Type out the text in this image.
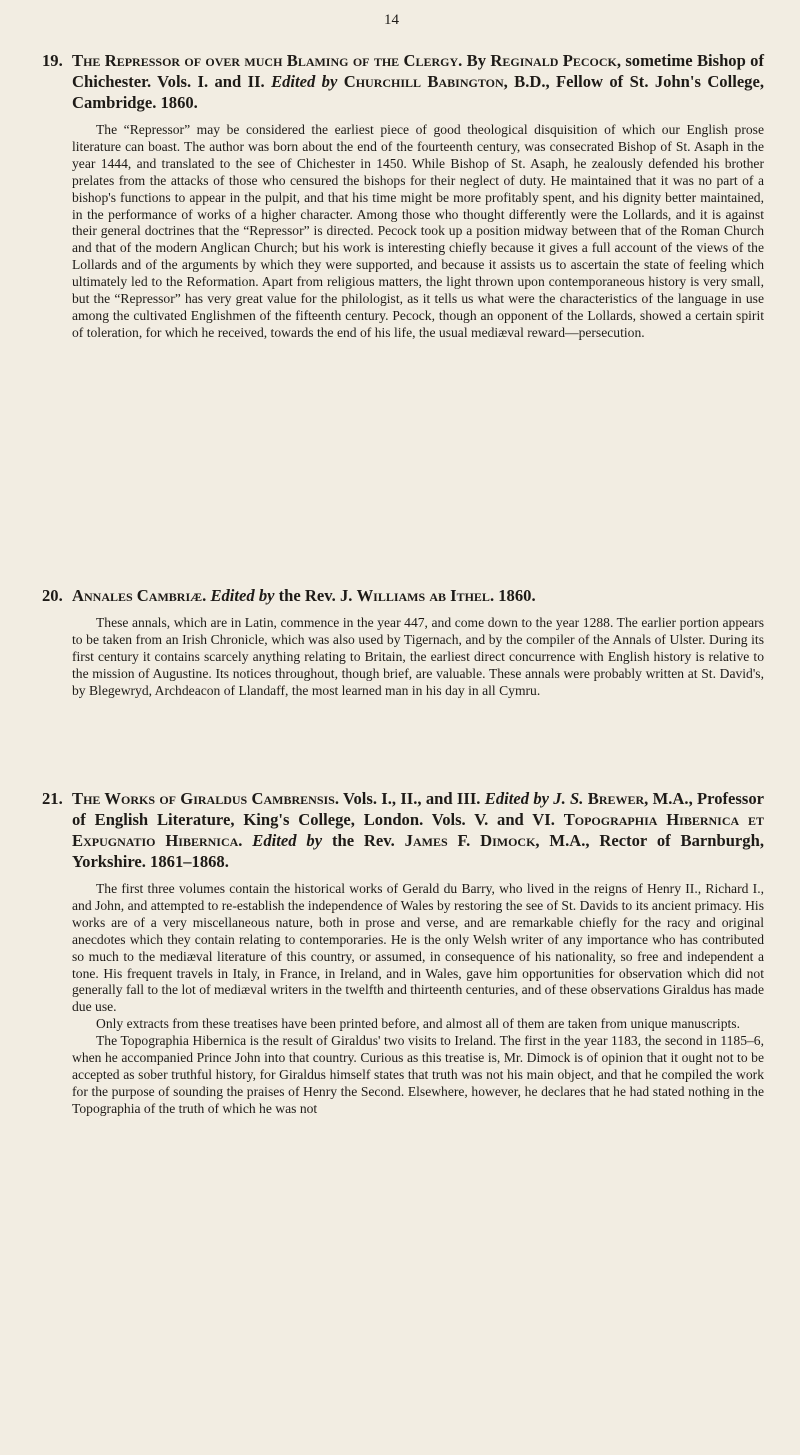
14
19. The Repressor of over much Blaming of the Clergy. By Reginald Pecock, sometime Bishop of Chichester. Vols. I. and II. Edited by Churchill Babington, B.D., Fellow of St. John's College, Cambridge. 1860.

The “Repressor” may be considered the earliest piece of good theological disquisition of which our English prose literature can boast. The author was born about the end of the fourteenth century, was consecrated Bishop of St. Asaph in the year 1444, and translated to the see of Chichester in 1450. While Bishop of St. Asaph, he zealously defended his brother prelates from the attacks of those who censured the bishops for their neglect of duty. He maintained that it was no part of a bishop's functions to appear in the pulpit, and that his time might be more profitably spent, and his dignity better maintained, in the performance of works of a higher character. Among those who thought differently were the Lollards, and it is against their general doctrines that the “Repressor” is directed. Pecock took up a position midway between that of the Roman Church and that of the modern Anglican Church; but his work is interesting chiefly because it gives a full account of the views of the Lollards and of the arguments by which they were supported, and because it assists us to ascertain the state of feeling which ultimately led to the Reformation. Apart from religious matters, the light thrown upon contemporaneous history is very small, but the “Repressor” has very great value for the philologist, as it tells us what were the characteristics of the language in use among the cultivated Englishmen of the fifteenth century. Pecock, though an opponent of the Lollards, showed a certain spirit of toleration, for which he received, towards the end of his life, the usual mediæval reward—persecution.

20. Annales Cambriæ. Edited by the Rev. J. Williams ab Ithel. 1860.

These annals, which are in Latin, commence in the year 447, and come down to the year 1288. The earlier portion appears to be taken from an Irish Chronicle, which was also used by Tigernach, and by the compiler of the Annals of Ulster. During its first century it contains scarcely anything relating to Britain, the earliest direct concurrence with English history is relative to the mission of Augustine. Its notices throughout, though brief, are valuable. These annals were probably written at St. David's, by Blegewryd, Archdeacon of Llandaff, the most learned man in his day in all Cymru.

21. The Works of Giraldus Cambrensis. Vols. I., II., and III. Edited by J. S. Brewer, M.A., Professor of English Literature, King's College, London. Vols. V. and VI. Topographia Hibernica et Expugnatio Hibernica. Edited by the Rev. James F. Dimock, M.A., Rector of Barnburgh, Yorkshire. 1861–1868.

The first three volumes contain the historical works of Gerald du Barry, who lived in the reigns of Henry II., Richard I., and John, and attempted to re-establish the independence of Wales by restoring the see of St. Davids to its ancient primacy. His works are of a very miscellaneous nature, both in prose and verse, and are remarkable chiefly for the racy and original anecdotes which they contain relating to contemporaries. He is the only Welsh writer of any importance who has contributed so much to the mediæval literature of this country, or assumed, in consequence of his nationality, so free and independent a tone. His frequent travels in Italy, in France, in Ireland, and in Wales, gave him opportunities for observation which did not generally fall to the lot of mediæval writers in the twelfth and thirteenth centuries, and of these observations Giraldus has made due use.

Only extracts from these treatises have been printed before, and almost all of them are taken from unique manuscripts.

The Topographia Hibernica is the result of Giraldus' two visits to Ireland. The first in the year 1183, the second in 1185–6, when he accompanied Prince John into that country. Curious as this treatise is, Mr. Dimock is of opinion that it ought not to be accepted as sober truthful history, for Giraldus himself states that truth was not his main object, and that he compiled the work for the purpose of sounding the praises of Henry the Second. Elsewhere, however, he declares that he had stated nothing in the Topographia of the truth of which he was not
